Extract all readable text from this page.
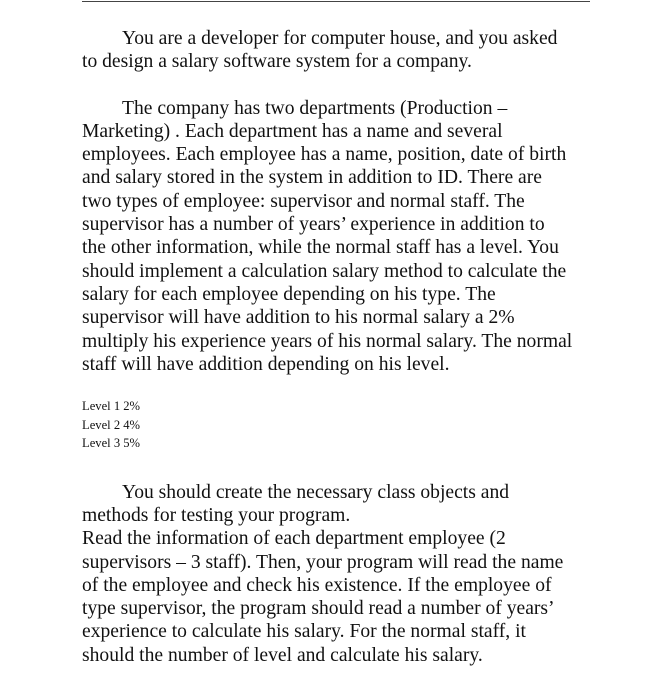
You are a developer for computer house, and you asked
to design a salary software system for a company.

The company has two departments (Production –
Marketing) . Each department has a name and several
employees. Each employee has a name, position, date of birth
and salary stored in the system in addition to ID. There are
two types of employee: supervisor and normal staff. The
supervisor has a number of years’ experience in addition to
the other information, while the normal staff has a level. You
should implement a calculation salary method to calculate the
salary for each employee depending on his type. The
supervisor will have addition to his normal salary a 2%
multiply his experience years of his normal salary. The normal
staff will have addition depending on his level.

Level 1 2%
Level 2 4%
Level 3 5%

You should create the necessary class objects and
methods for testing your program.
Read the information of each department employee (2
supervisors – 3 staff). Then, your program will read the name
of the employee and check his existence. If the employee of
type supervisor, the program should read a number of years’
experience to calculate his salary. For the normal staff, it
should the number of level and calculate his salary.
